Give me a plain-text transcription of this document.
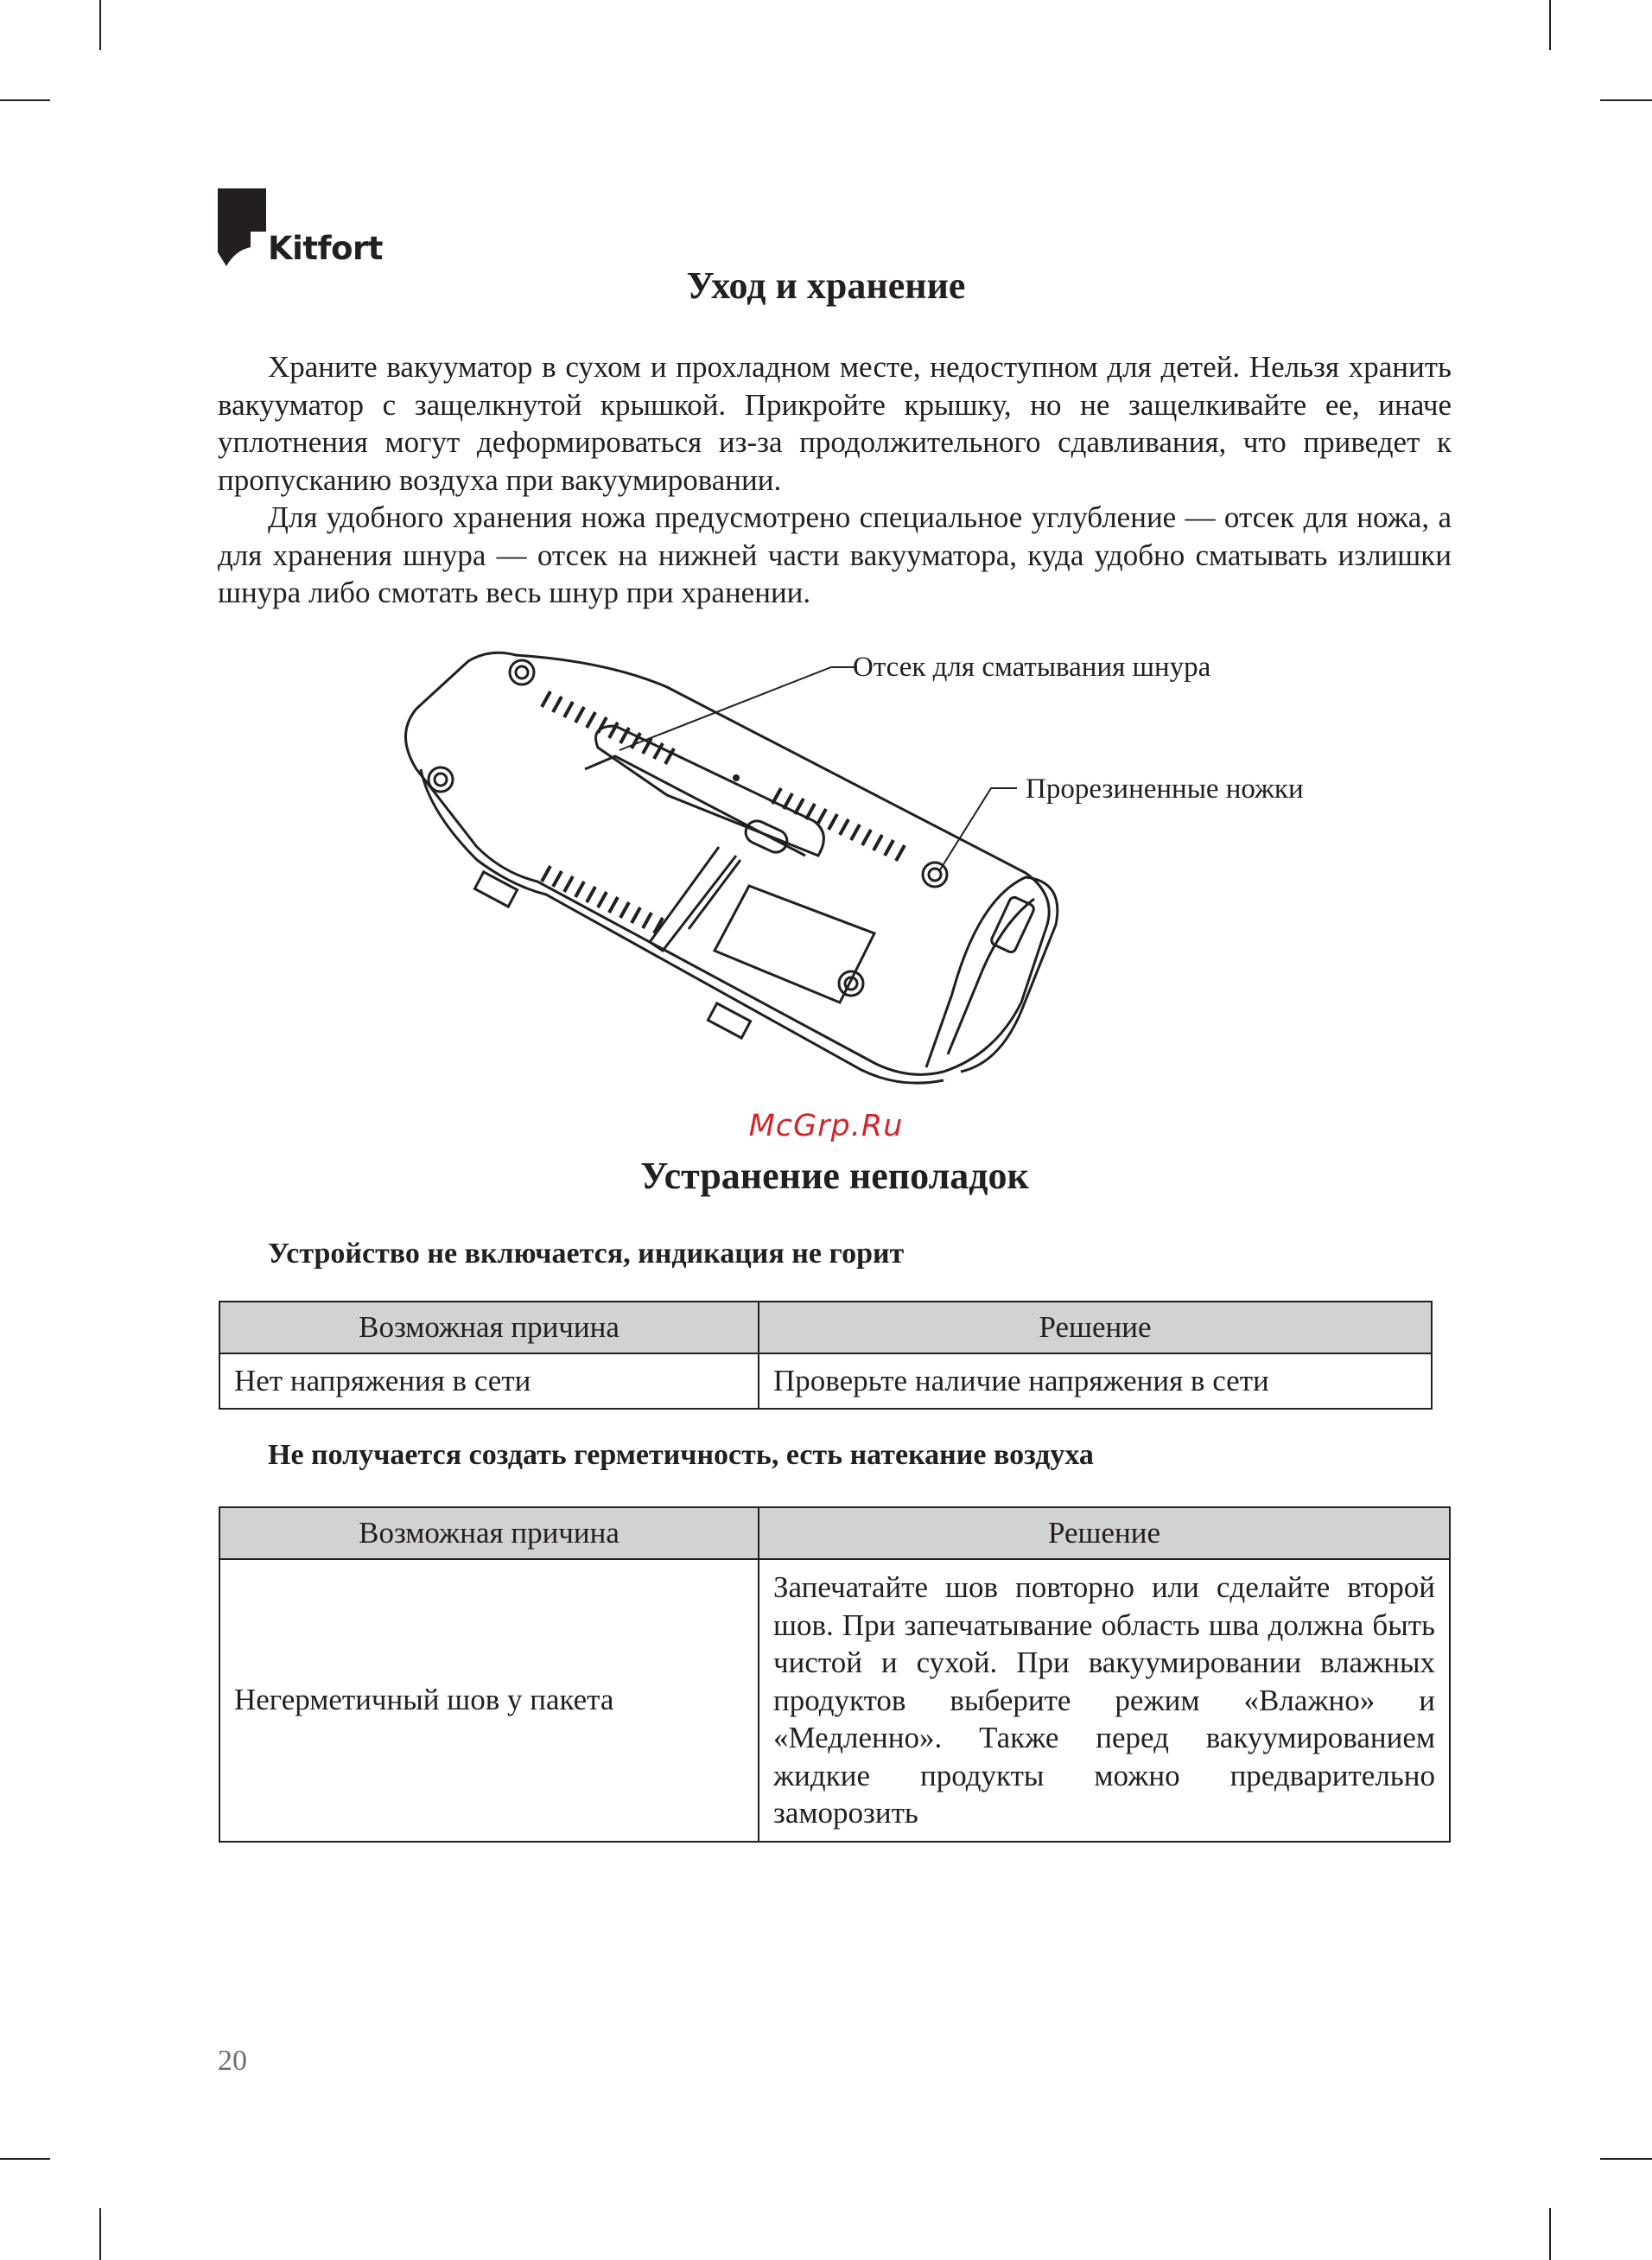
Kitfort
Уход и хранение

Храните вакууматор в сухом и прохладном месте, недоступном для детей. Нельзя хранить вакууматор с защелкнутой крышкой. Прикройте крышку, но не защелкивайте ее, иначе уплотнения могут деформироваться из-за продолжительного сдавливания, что приведет к пропусканию воздуха при вакуумировании.

Для удобного хранения ножа предусмотрено специальное углубление — отсек для ножа, а для хранения шнура — отсек на нижней части вакууматора, куда удобно сматывать излишки шнура либо смотать весь шнур при хранении.

Отсек для сматывания шнура
Прорезиненные ножки
McGrp.Ru
Устранение неполадок
Устройство не включается, индикация не горит
Возможная причина	Решение
Нет напряжения в сети	Проверьте наличие напряжения в сети
Не получается создать герметичность, есть натекание воздуха
Возможная причина	Решение
Негерметичный шов у пакета	Запечатайте шов повторно или сделайте второй шов. При запечатывание область шва должна быть чистой и сухой. При вакуумировании влажных продуктов выберите режим «Влажно» и «Медленно». Также перед вакуумированием жидкие продукты можно предварительно заморозить
20
